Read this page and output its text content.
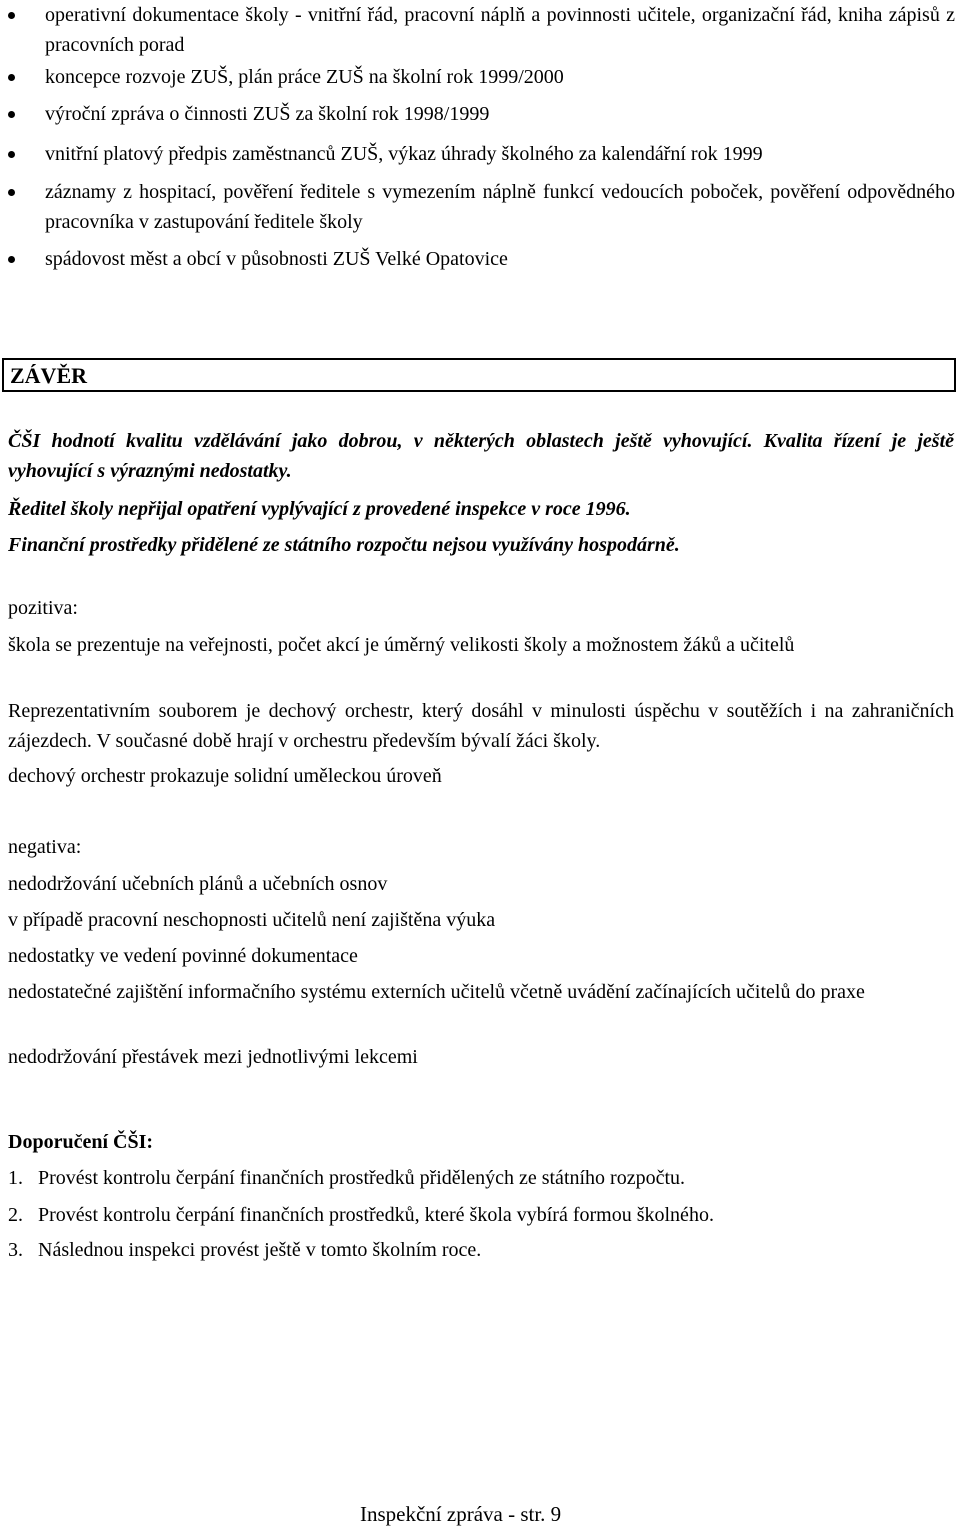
operativní dokumentace školy - vnitřní řád, pracovní náplň a povinnosti učitele, organizační řád, kniha zápisů z pracovních porad
koncepce rozvoje ZUŠ, plán práce ZUŠ na školní rok 1999/2000
výroční zpráva o činnosti ZUŠ za školní rok 1998/1999
vnitřní platový předpis zaměstnanců ZUŠ, výkaz úhrady školného za kalendářní rok 1999
záznamy z hospitací, pověření ředitele s vymezením náplně funkcí vedoucích poboček, pověření odpovědného pracovníka v zastupování ředitele školy
spádovost měst a obcí v působnosti ZUŠ Velké Opatovice
ZÁVĚR
ČŠI hodnotí kvalitu vzdělávání jako dobrou, v některých oblastech ještě vyhovující. Kvalita řízení je ještě vyhovující s výraznými nedostatky.
Ředitel školy nepřijal opatření vyplývající z provedené inspekce v roce 1996.
Finanční prostředky přidělené ze státního rozpočtu nejsou využívány hospodárně.
pozitiva:
škola se prezentuje na veřejnosti, počet akcí je úměrný velikosti školy a možnostem žáků a učitelů
Reprezentativním souborem je dechový orchestr, který dosáhl v minulosti úspěchu v soutěžích i na zahraničních zájezdech. V současné době hrají v orchestru především bývalí žáci školy.
dechový orchestr prokazuje solidní uměleckou úroveň
negativa:
nedodržování učebních plánů a učebních osnov
v případě pracovní neschopnosti učitelů není zajištěna výuka
nedostatky ve vedení povinné dokumentace
nedostatečné zajištění informačního systému externích učitelů včetně uvádění začínajících učitelů do praxe
nedodržování přestávek mezi jednotlivými lekcemi
Doporučení ČŠI:
1. Provést kontrolu čerpání finančních prostředků přidělených ze státního rozpočtu.
2. Provést kontrolu čerpání finančních prostředků, které škola vybírá formou školného.
3. Následnou inspekci provést ještě v tomto školním roce.
Inspekční zpráva - str. 9
